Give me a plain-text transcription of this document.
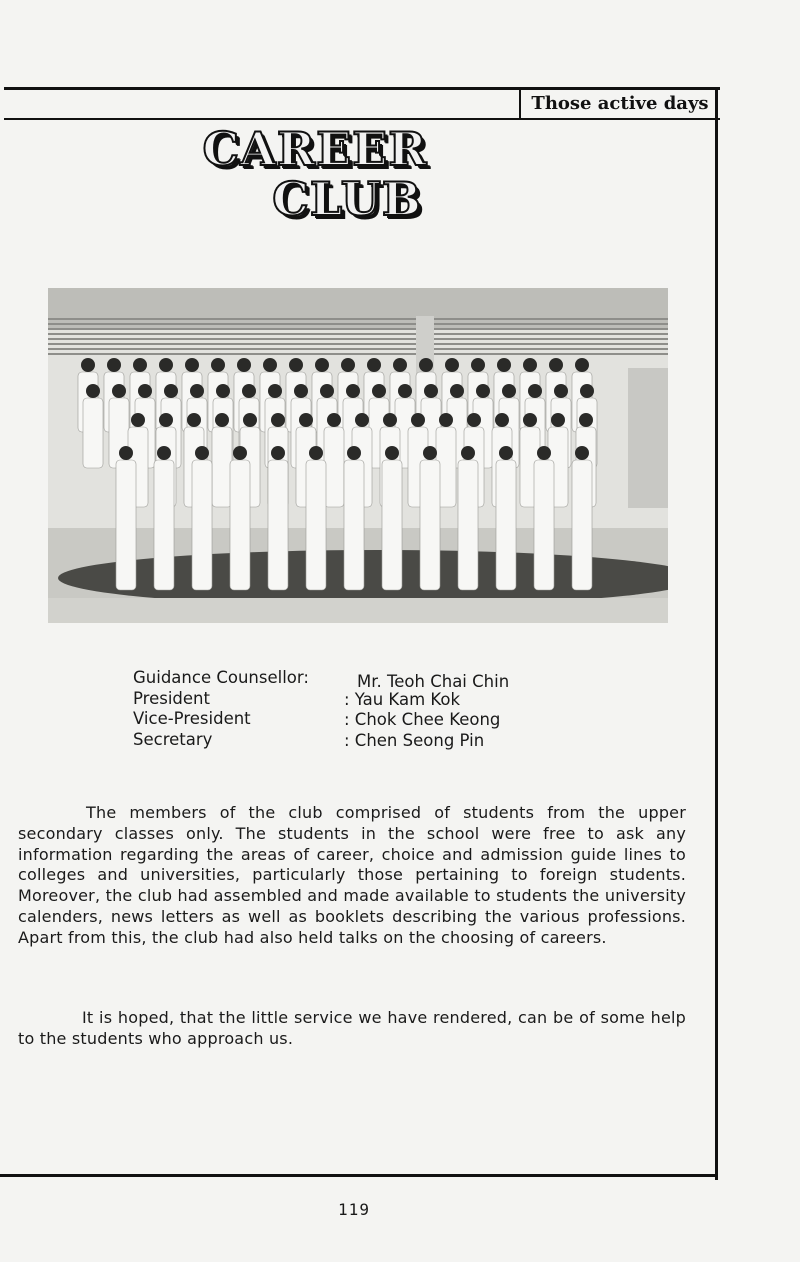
Those active days
CAREER
CLUB
Guidance Counsellor:	Mr. Teoh Chai Chin
President	: Yau Kam Kok
Vice-President	: Chok Chee Keong
Secretary	: Chen Seong Pin
The members of the club comprised of students from the upper secondary classes only. The students in the school were free to ask any information regarding the areas of career, choice and admission guide lines to colleges and universities, particularly those pertaining to foreign students. Moreover, the club had assembled and made available to students the university calenders, news letters as well as booklets describing the various professions. Apart from this, the club had also held talks on the choosing of careers.
It is hoped, that the little service we have rendered, can be of some help to the students who approach us.
119
